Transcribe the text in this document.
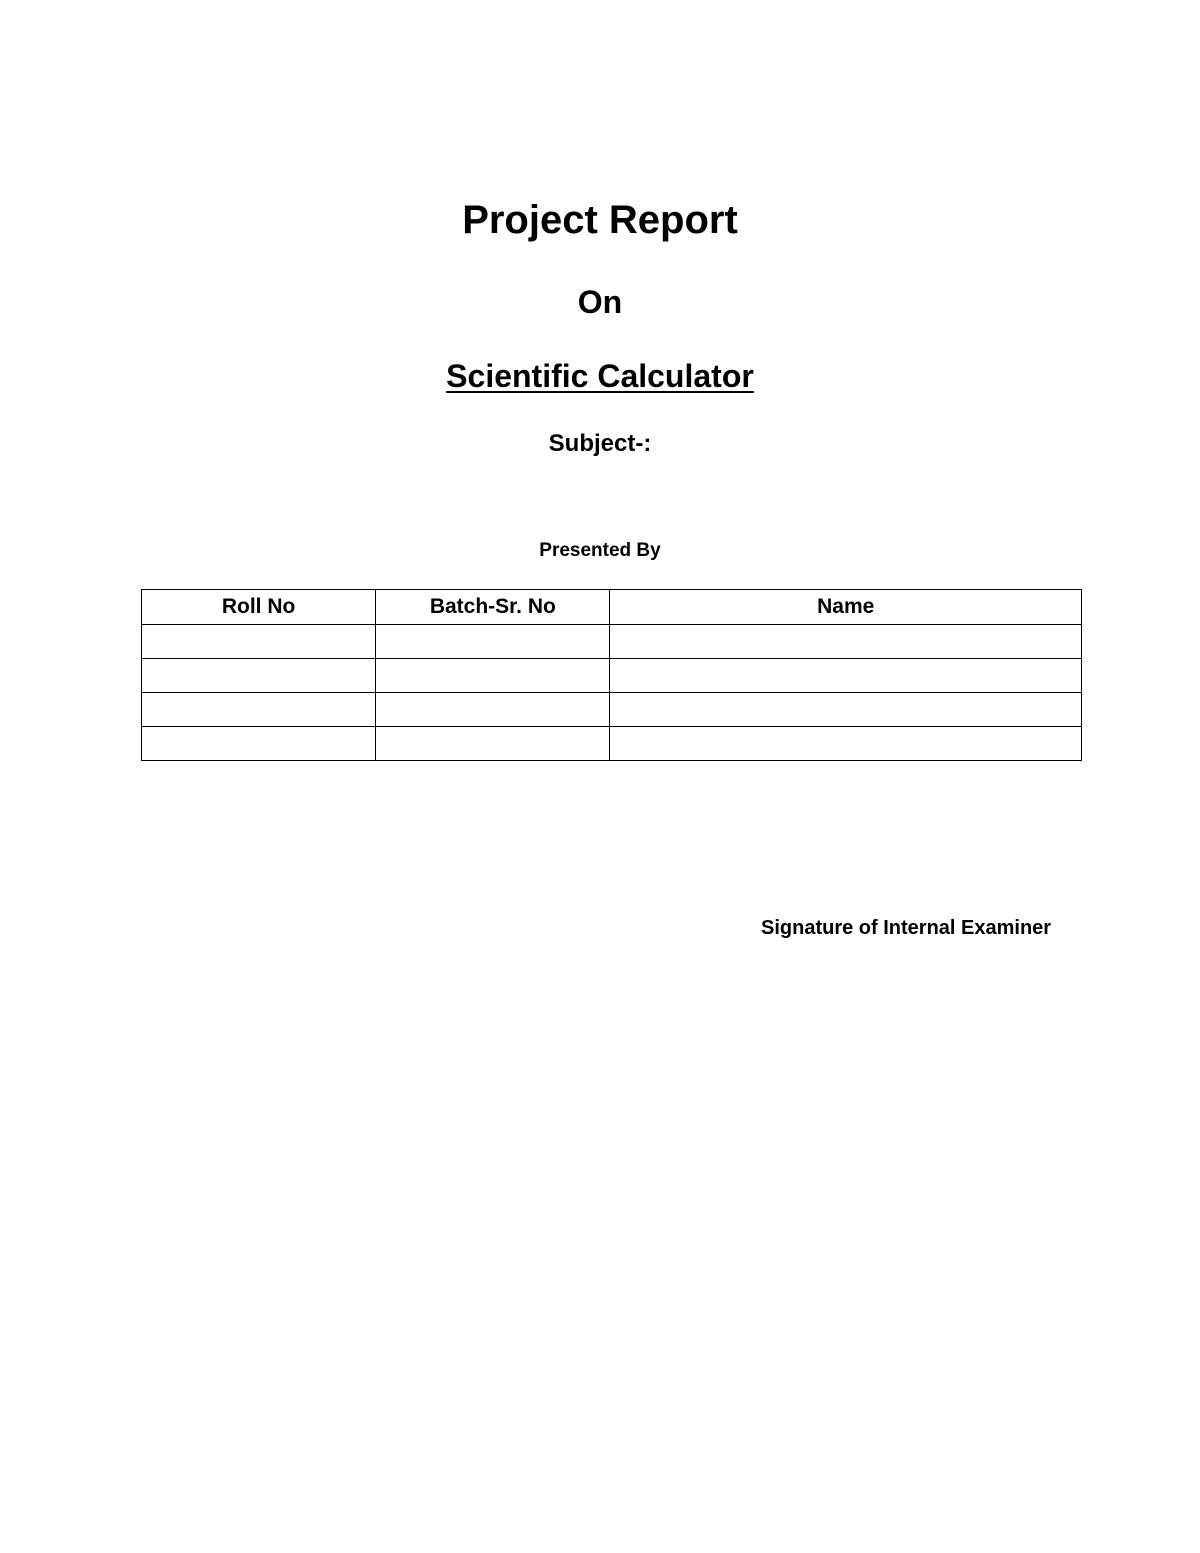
Project Report
On
Scientific Calculator
Subject-:
Presented By
Roll No	Batch-Sr. No	Name

Signature of Internal Examiner
